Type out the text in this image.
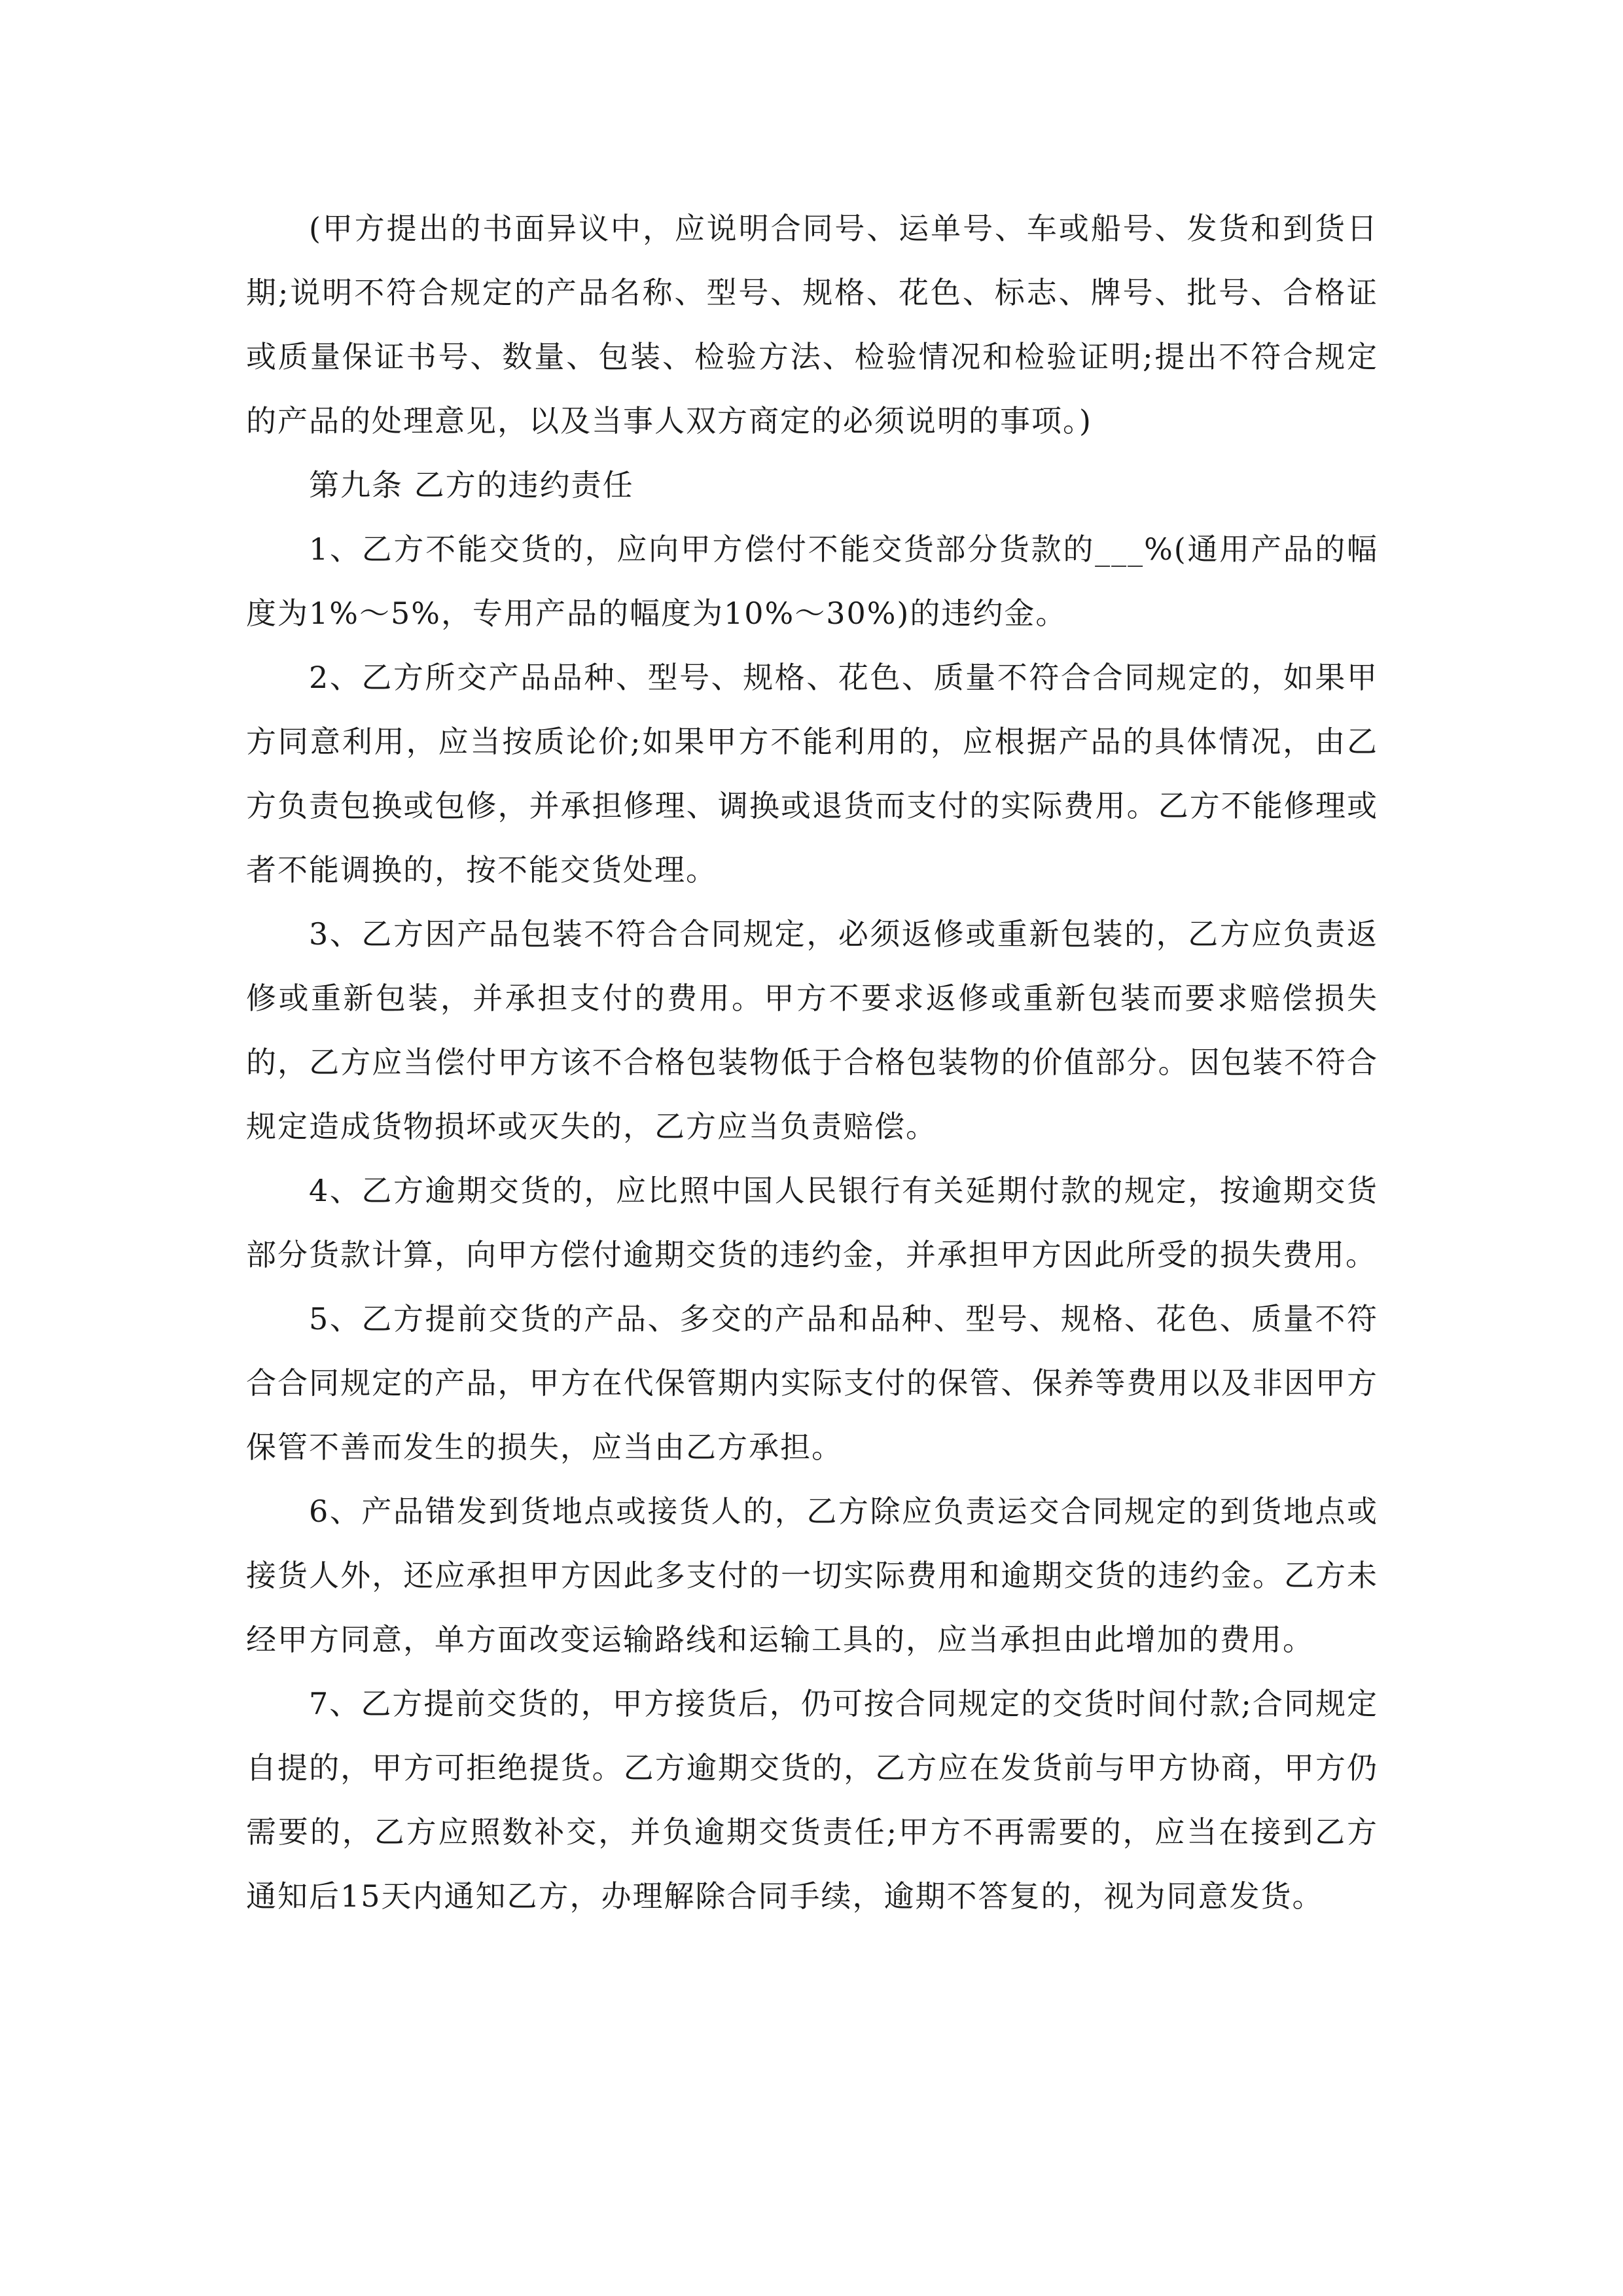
(甲方提出的书面异议中，应说明合同号、运单号、车或船号、发货和到货日期;说明不符合规定的产品名称、型号、规格、花色、标志、牌号、批号、合格证或质量保证书号、数量、包装、检验方法、检验情况和检验证明;提出不符合规定的产品的处理意见，以及当事人双方商定的必须说明的事项。)

第九条 乙方的违约责任

1、乙方不能交货的，应向甲方偿付不能交货部分货款的___%(通用产品的幅度为1%～5%，专用产品的幅度为10%～30%)的违约金。

2、乙方所交产品品种、型号、规格、花色、质量不符合合同规定的，如果甲方同意利用，应当按质论价;如果甲方不能利用的，应根据产品的具体情况，由乙方负责包换或包修，并承担修理、调换或退货而支付的实际费用。乙方不能修理或者不能调换的，按不能交货处理。

3、乙方因产品包装不符合合同规定，必须返修或重新包装的，乙方应负责返修或重新包装，并承担支付的费用。甲方不要求返修或重新包装而要求赔偿损失的，乙方应当偿付甲方该不合格包装物低于合格包装物的价值部分。因包装不符合规定造成货物损坏或灭失的，乙方应当负责赔偿。

4、乙方逾期交货的，应比照中国人民银行有关延期付款的规定，按逾期交货部分货款计算，向甲方偿付逾期交货的违约金，并承担甲方因此所受的损失费用。

5、乙方提前交货的产品、多交的产品和品种、型号、规格、花色、质量不符合合同规定的产品，甲方在代保管期内实际支付的保管、保养等费用以及非因甲方保管不善而发生的损失，应当由乙方承担。

6、产品错发到货地点或接货人的，乙方除应负责运交合同规定的到货地点或接货人外，还应承担甲方因此多支付的一切实际费用和逾期交货的违约金。乙方未经甲方同意，单方面改变运输路线和运输工具的，应当承担由此增加的费用。

7、乙方提前交货的，甲方接货后，仍可按合同规定的交货时间付款;合同规定自提的，甲方可拒绝提货。乙方逾期交货的，乙方应在发货前与甲方协商，甲方仍需要的，乙方应照数补交，并负逾期交货责任;甲方不再需要的，应当在接到乙方通知后15天内通知乙方，办理解除合同手续，逾期不答复的，视为同意发货。
